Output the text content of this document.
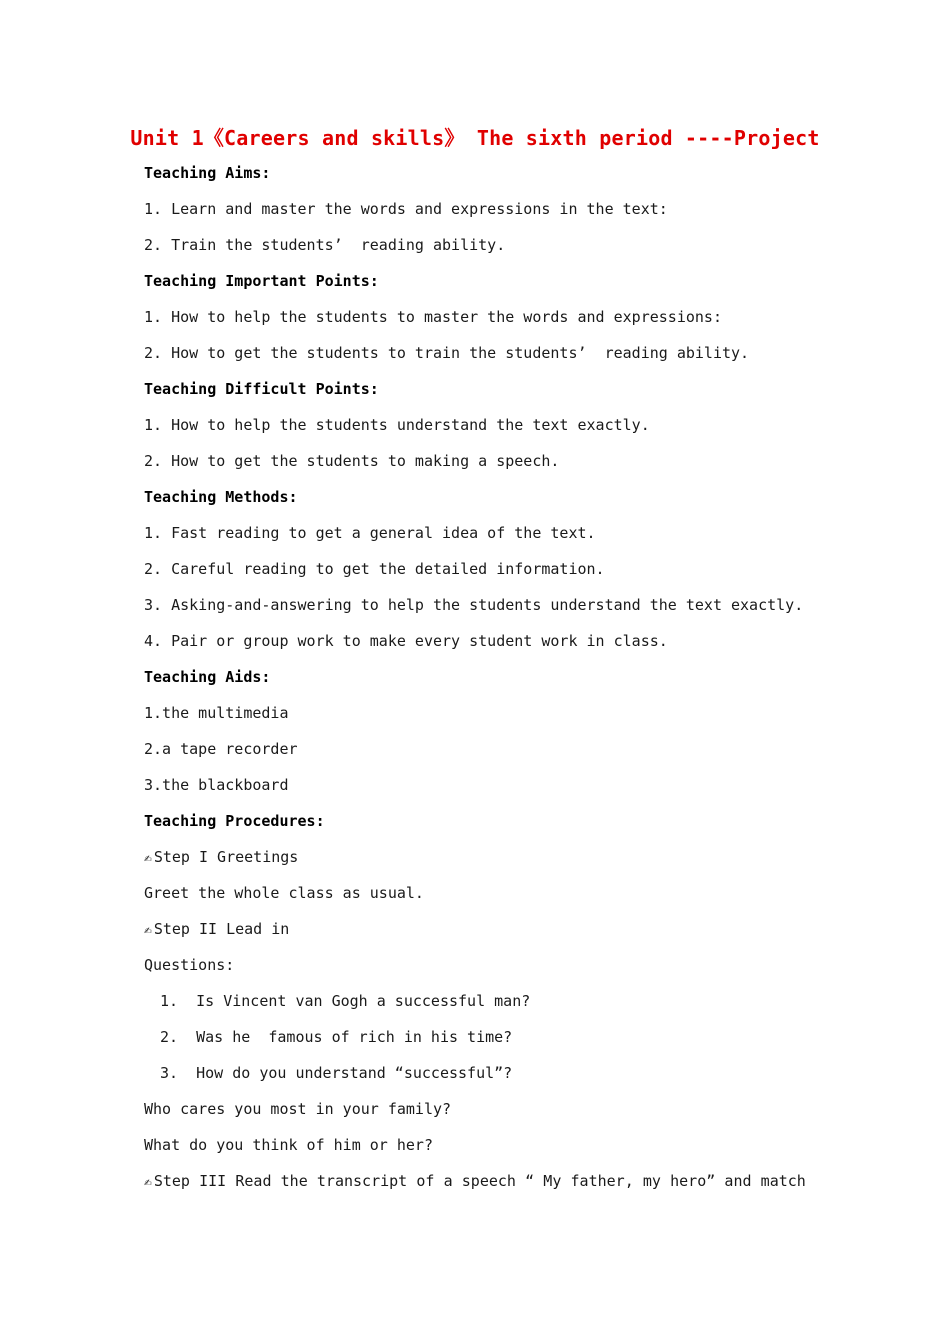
Unit 1《Careers and skills》 The sixth period ----Project
Teaching Aims:
1. Learn and master the words and expressions in the text:
2. Train the students’  reading ability.
Teaching Important Points:
1. How to help the students to master the words and expressions:
2. How to get the students to train the students’  reading ability.
Teaching Difficult Points:
1. How to help the students understand the text exactly.
2. How to get the students to making a speech.
Teaching Methods:
1. Fast reading to get a general idea of the text.
2. Careful reading to get the detailed information.
3. Asking-and-answering to help the students understand the text exactly.
4. Pair or group work to make every student work in class.
Teaching Aids:
1.the multimedia
2.a tape recorder
3.the blackboard
Teaching Procedures:
✍ Step I Greetings
Greet the whole class as usual.
✍ Step II Lead in
Questions:
1.  Is Vincent van Gogh a successful man?
2.  Was he  famous of rich in his time?
3.  How do you understand “successful”?
Who cares you most in your family?
What do you think of him or her?
✍ Step III Read the transcript of a speech “ My father, my hero” and match
